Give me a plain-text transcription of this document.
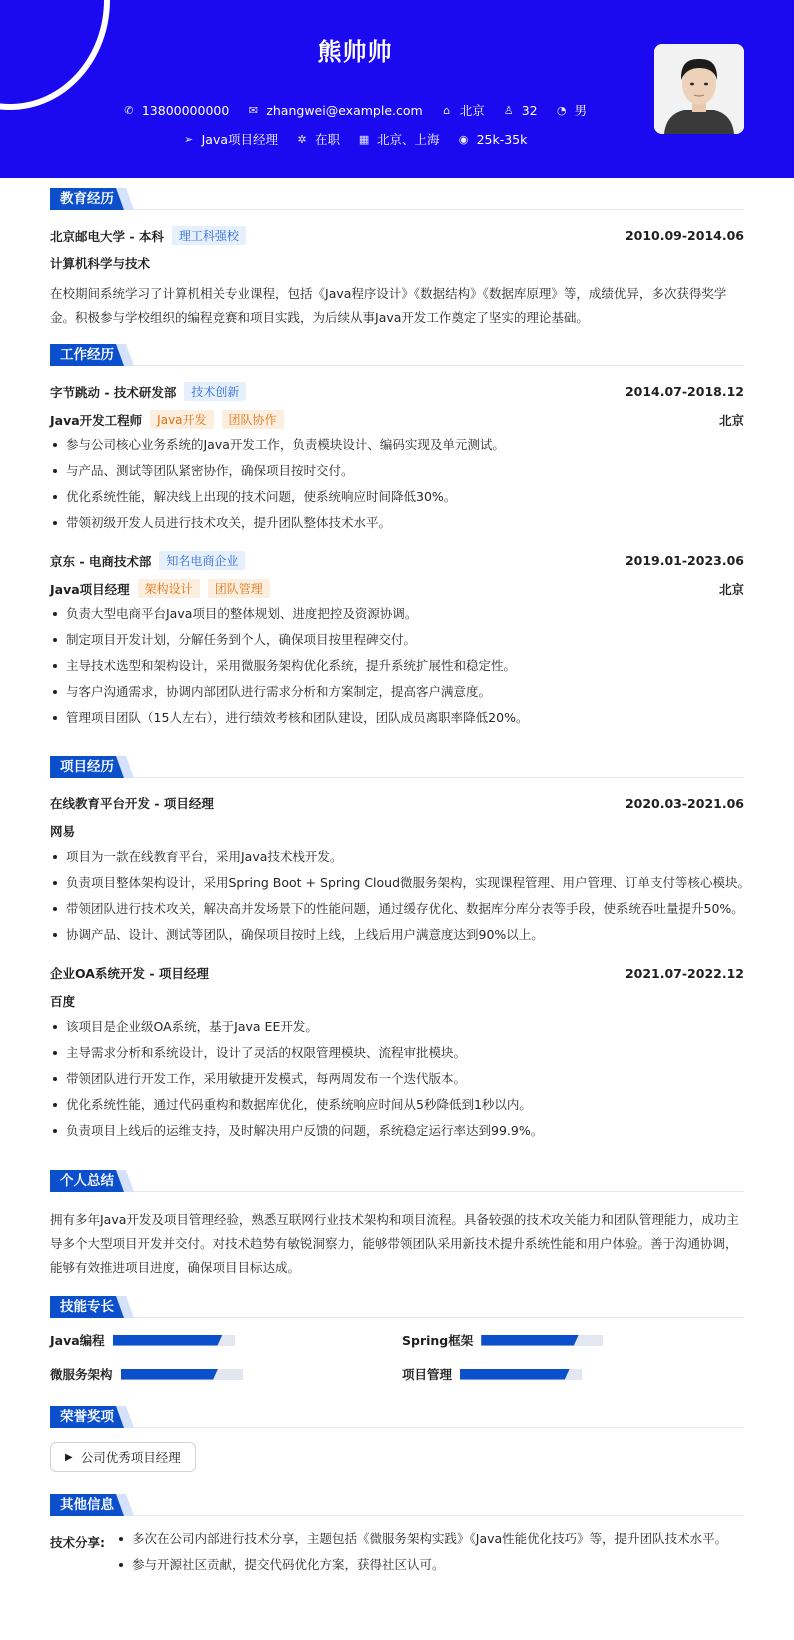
熊帅帅
✆ 13800000000 ✉ zhangwei@example.com ⌂ 北京 ♙ 32 ◔ 男
➢ Java项目经理 ✲ 在职 ▦ 北京、上海 ◉ 25k-35k
教育经历
北京邮电大学 - 本科	理工科强校	2010.09-2014.06
计算机科学与技术
在校期间系统学习了计算机相关专业课程，包括《Java程序设计》《数据结构》《数据库原理》等，成绩优异，多次获得奖学金。积极参与学校组织的编程竞赛和项目实践，为后续从事Java开发工作奠定了坚实的理论基础。
工作经历
字节跳动 - 技术研发部	技术创新	2014.07-2018.12
Java开发工程师	Java开发	团队协作	北京
参与公司核心业务系统的Java开发工作，负责模块设计、编码实现及单元测试。
与产品、测试等团队紧密协作，确保项目按时交付。
优化系统性能，解决线上出现的技术问题，使系统响应时间降低30%。
带领初级开发人员进行技术攻关，提升团队整体技术水平。
京东 - 电商技术部	知名电商企业	2019.01-2023.06
Java项目经理	架构设计	团队管理	北京
负责大型电商平台Java项目的整体规划、进度把控及资源协调。
制定项目开发计划，分解任务到个人，确保项目按里程碑交付。
主导技术选型和架构设计，采用微服务架构优化系统，提升系统扩展性和稳定性。
与客户沟通需求，协调内部团队进行需求分析和方案制定，提高客户满意度。
管理项目团队（15人左右），进行绩效考核和团队建设，团队成员离职率降低20%。
项目经历
在线教育平台开发 - 项目经理	2020.03-2021.06
网易
项目为一款在线教育平台，采用Java技术栈开发。
负责项目整体架构设计，采用Spring Boot + Spring Cloud微服务架构，实现课程管理、用户管理、订单支付等核心模块。
带领团队进行技术攻关，解决高并发场景下的性能问题，通过缓存优化、数据库分库分表等手段，使系统吞吐量提升50%。
协调产品、设计、测试等团队，确保项目按时上线，上线后用户满意度达到90%以上。
企业OA系统开发 - 项目经理	2021.07-2022.12
百度
该项目是企业级OA系统，基于Java EE开发。
主导需求分析和系统设计，设计了灵活的权限管理模块、流程审批模块。
带领团队进行开发工作，采用敏捷开发模式，每两周发布一个迭代版本。
优化系统性能，通过代码重构和数据库优化，使系统响应时间从5秒降低到1秒以内。
负责项目上线后的运维支持，及时解决用户反馈的问题，系统稳定运行率达到99.9%。
个人总结
拥有多年Java开发及项目管理经验，熟悉互联网行业技术架构和项目流程。具备较强的技术攻关能力和团队管理能力，成功主导多个大型项目开发并交付。对技术趋势有敏锐洞察力，能够带领团队采用新技术提升系统性能和用户体验。善于沟通协调，能够有效推进项目进度，确保项目目标达成。
技能专长
Java编程	Spring框架
微服务架构	项目管理
荣誉奖项
▶ 公司优秀项目经理
其他信息
技术分享:	多次在公司内部进行技术分享，主题包括《微服务架构实践》《Java性能优化技巧》等，提升团队技术水平。
参与开源社区贡献，提交代码优化方案，获得社区认可。
